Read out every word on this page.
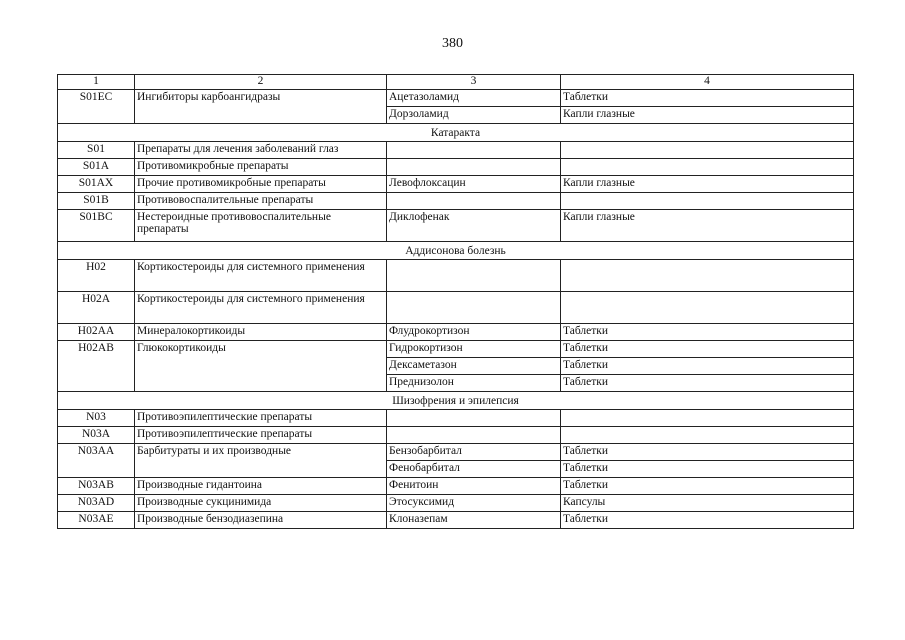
380
1	2	3	4
S01EC	Ингибиторы карбоангидразы	Ацетазоламид	Таблетки
		Дорзоламид	Капли глазные
Катаракта			
S01	Препараты для лечения заболеваний глаз		
S01A	Противомикробные препараты		
S01AX	Прочие противомикробные препараты	Левофлоксацин	Капли глазные
S01B	Противовоспалительные препараты		
S01BC	Нестероидные противовоспалительные препараты	Диклофенак	Капли глазные
Аддисонова болезнь			
H02	Кортикостероиды для системного применения		
H02A	Кортикостероиды для системного применения		
H02AA	Минералокортикоиды	Флудрокортизон	Таблетки
H02AB	Глюкокортикоиды	Гидрокортизон	Таблетки
		Дексаметазон	Таблетки
		Преднизолон	Таблетки
Шизофрения и эпилепсия			
N03	Противоэпилептические препараты		
N03A	Противоэпилептические препараты		
N03AA	Барбитураты и их производные	Бензобарбитал	Таблетки
		Фенобарбитал	Таблетки
N03AB	Производные гидантоина	Фенитоин	Таблетки
N03AD	Производные сукцинимида	Этосуксимид	Капсулы
N03AE	Производные бензодиазепина	Клоназепам	Таблетки
